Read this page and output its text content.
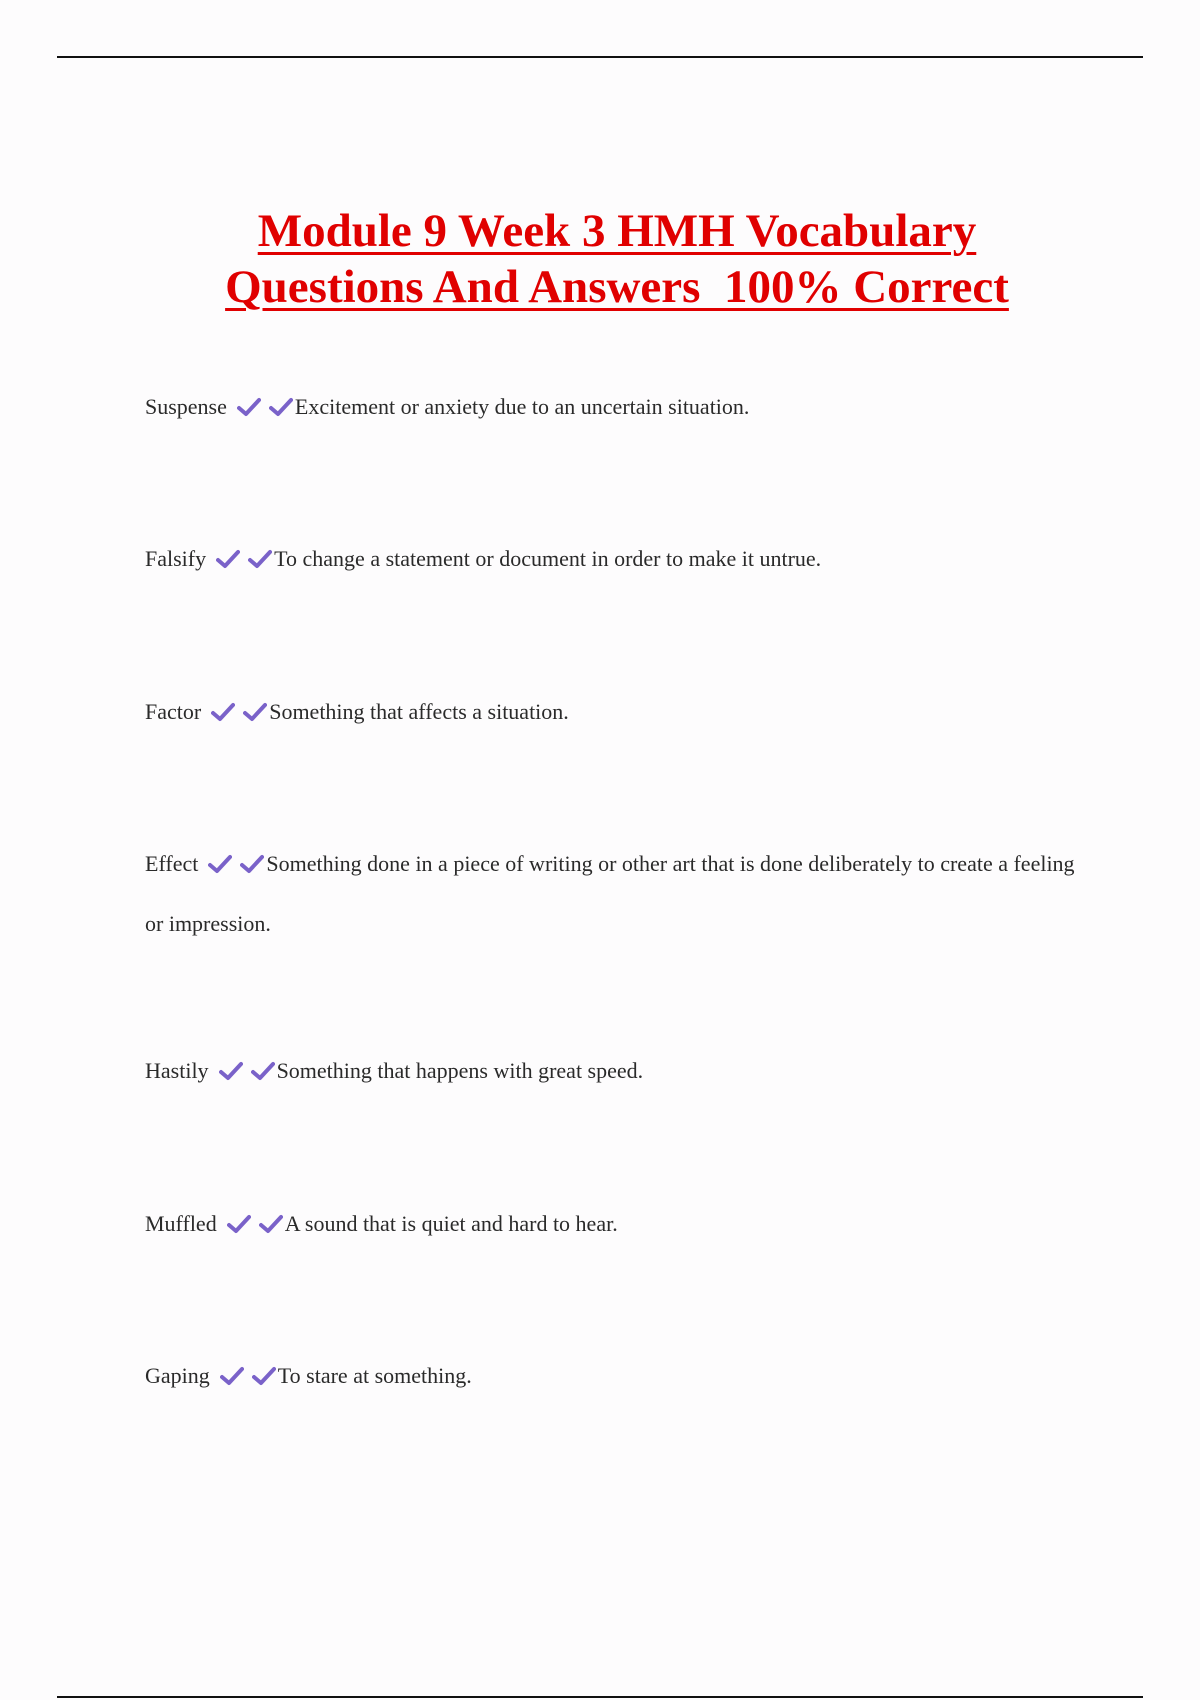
Module 9 Week 3 HMH Vocabulary
Questions And Answers  100% Correct
Suspense	Excitement or anxiety due to an uncertain situation.
Falsify	To change a statement or document in order to make it untrue.
Factor	Something that affects a situation.
Effect	Something done in a piece of writing or other art that is done deliberately to create a feeling or impression.
Hastily	Something that happens with great speed.
Muffled	A sound that is quiet and hard to hear.
Gaping	To stare at something.
